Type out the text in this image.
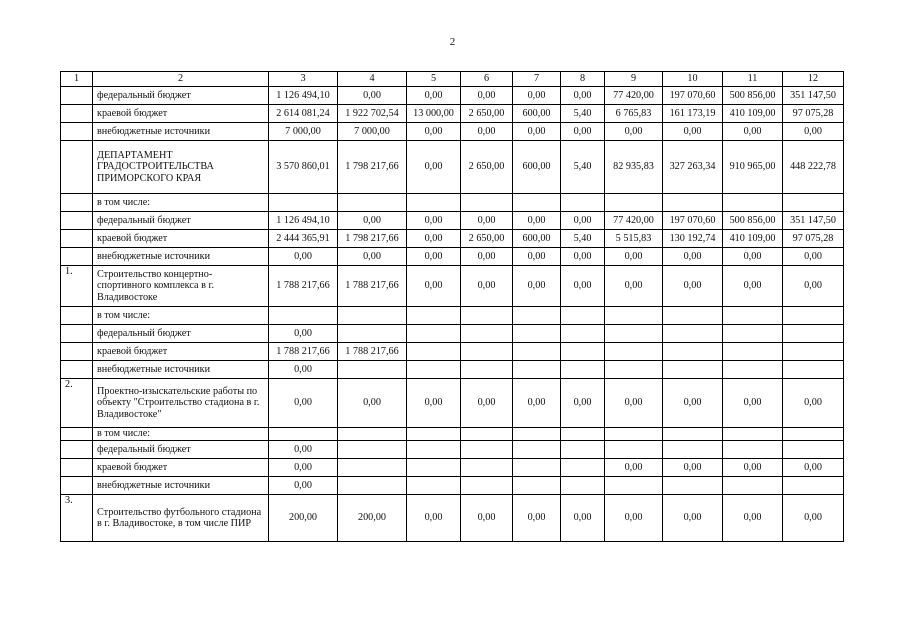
2
1	2	3	4	5	6	7	8	9	10	11	12
	федеральный бюджет	1 126 494,10	0,00	0,00	0,00	0,00	0,00	77 420,00	197 070,60	500 856,00	351 147,50
	краевой бюджет	2 614 081,24	1 922 702,54	13 000,00	2 650,00	600,00	5,40	6 765,83	161 173,19	410 109,00	97 075,28
	внебюджетные источники	7 000,00	7 000,00	0,00	0,00	0,00	0,00	0,00	0,00	0,00	0,00
	ДЕПАРТАМЕНТ ГРАДОСТРОИТЕЛЬСТВА ПРИМОРСКОГО КРАЯ	3 570 860,01	1 798 217,66	0,00	2 650,00	600,00	5,40	82 935,83	327 263,34	910 965,00	448 222,78
	в том числе:										
	федеральный бюджет	1 126 494,10	0,00	0,00	0,00	0,00	0,00	77 420,00	197 070,60	500 856,00	351 147,50
	краевой бюджет	2 444 365,91	1 798 217,66	0,00	2 650,00	600,00	5,40	5 515,83	130 192,74	410 109,00	97 075,28
	внебюджетные источники	0,00	0,00	0,00	0,00	0,00	0,00	0,00	0,00	0,00	0,00
1.	Строительство концертно-спортивного комплекса в г. Владивостоке	1 788 217,66	1 788 217,66	0,00	0,00	0,00	0,00	0,00	0,00	0,00	0,00
	в том числе:										
	федеральный бюджет	0,00									
	краевой бюджет	1 788 217,66	1 788 217,66								
	внебюджетные источники	0,00									
2.	Проектно-изыскательские работы по объекту "Строительство стадиона в г. Владивостоке"	0,00	0,00	0,00	0,00	0,00	0,00	0,00	0,00	0,00	0,00
	в том числе:										
	федеральный бюджет	0,00									
	краевой бюджет	0,00						0,00	0,00	0,00	0,00
	внебюджетные источники	0,00									
3.	Строительство футбольного стадиона в г. Владивостоке, в том числе ПИР	200,00	200,00	0,00	0,00	0,00	0,00	0,00	0,00	0,00	0,00
